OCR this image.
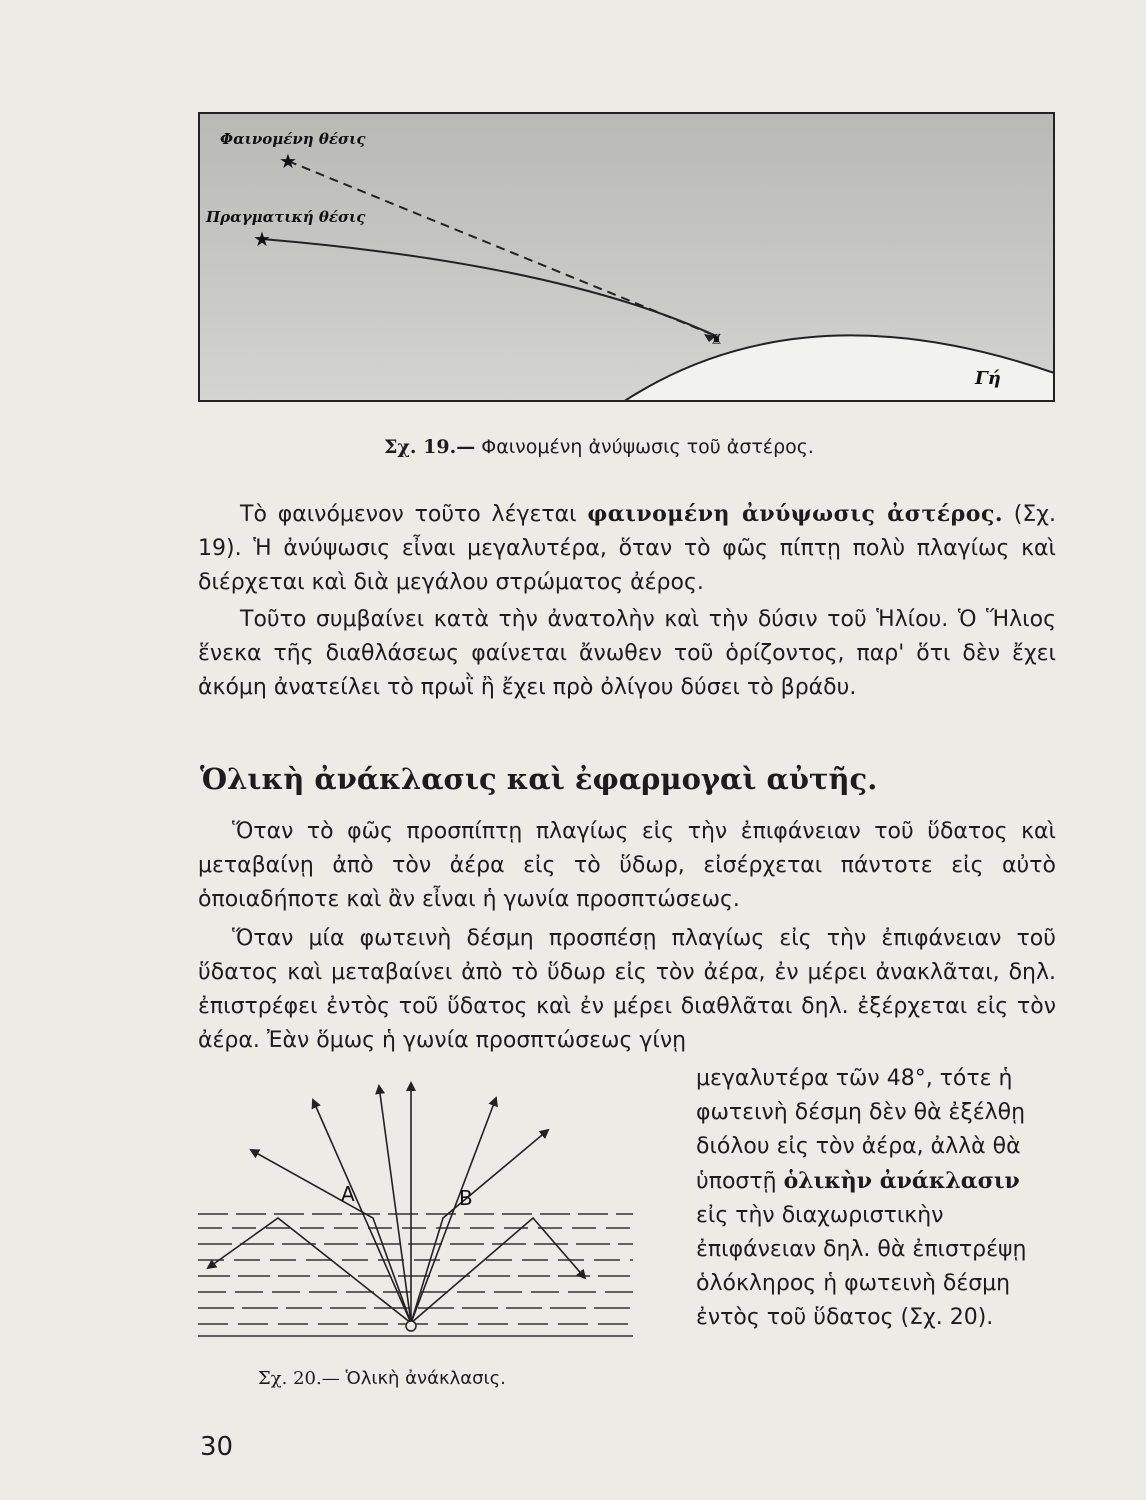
★
★
♜
Φαινομένη θέσις
Πραγματική θέσις
Γή
Σχ. 19.— Φαινομένη ἀνύψωσις τοῦ ἀστέρος.

Τὸ φαινόμενον τοῦτο λέγεται φαινομένη ἀνύψωσις ἀστέρος. (Σχ. 19). Ἡ ἀνύψωσις εἶναι μεγαλυτέρα, ὅταν τὸ φῶς πίπτῃ πολὺ πλαγίως καὶ διέρχεται καὶ διὰ μεγάλου στρώματος ἀέρος.

Τοῦτο συμβαίνει κατὰ τὴν ἀνατολὴν καὶ τὴν δύσιν τοῦ Ἡλίου. Ὁ Ἥλιος ἕνεκα τῆς διαθλάσεως φαίνεται ἄνωθεν τοῦ ὁρίζοντος, παρ' ὅτι δὲν ἔχει ἀκόμη ἀνατείλει τὸ πρωῒ ἢ ἔχει πρὸ ὀλίγου δύσει τὸ βράδυ.

Ὁλικὴ ἀνάκλασις καὶ ἐφαρμογαὶ αὐτῆς.

Ὅταν τὸ φῶς προσπίπτῃ πλαγίως εἰς τὴν ἐπιφάνειαν τοῦ ὕδατος καὶ μεταβαίνῃ ἀπὸ τὸν ἀέρα εἰς τὸ ὕδωρ, εἰσέρχεται πάντοτε εἰς αὐτὸ ὁποιαδήποτε καὶ ἂν εἶναι ἡ γωνία προσπτώσεως.

Ὅταν μία φωτεινὴ δέσμη προσπέσῃ πλαγίως εἰς τὴν ἐπιφάνειαν τοῦ ὕδατος καὶ μεταβαίνει ἀπὸ τὸ ὕδωρ εἰς τὸν ἀέρα, ἐν μέρει ἀνακλᾶται, δηλ. ἐπιστρέφει ἐντὸς τοῦ ὕδατος καὶ ἐν μέρει διαθλᾶται δηλ. ἐξέρχεται εἰς τὸν ἀέρα. Ἐὰν ὅμως ἡ γωνία προσπτώσεως γίνῃ

μεγαλυτέρα τῶν 48°, τότε ἡ φωτεινὴ δέσμη δὲν θὰ ἐξέλθῃ διόλου εἰς τὸν ἀέρα, ἀλλὰ θὰ ὑποστῇ ὁλικὴν ἀνάκλασιν εἰς τὴν διαχωριστικὴν ἐπιφάνειαν δηλ. θὰ ἐπιστρέψῃ ὁλόκληρος ἡ φωτεινὴ δέσμη ἐντὸς τοῦ ὕδατος (Σχ. 20).

A	B
O
Σχ. 20.— Ὁλικὴ ἀνάκλασις.
30
